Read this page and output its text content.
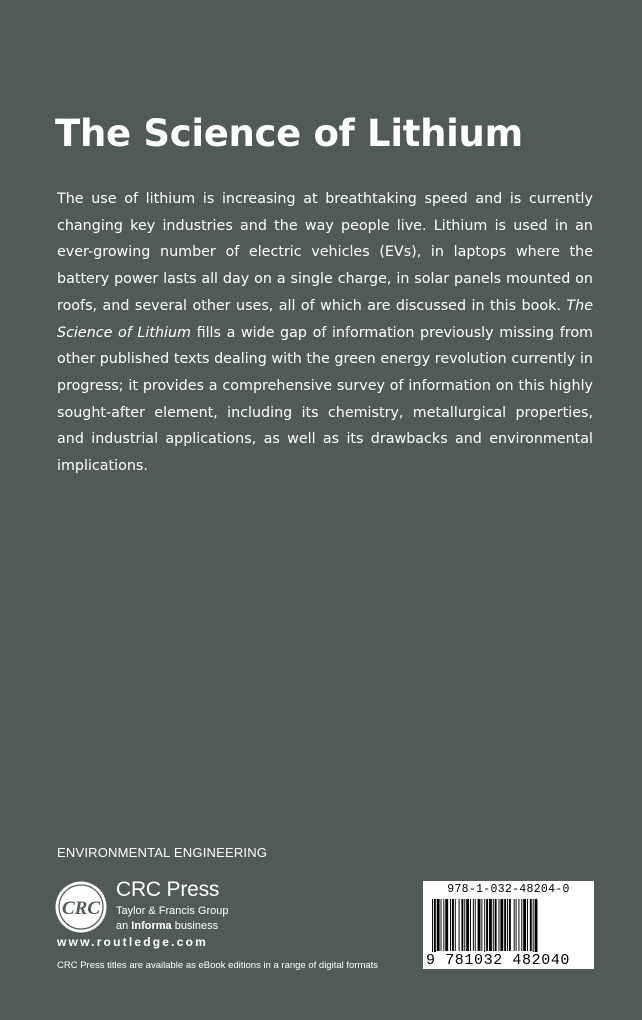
The Science of Lithium

The use of lithium is increasing at breathtaking speed and is currently changing key industries and the way people live. Lithium is used in an ever-growing number of electric vehicles (EVs), in laptops where the battery power lasts all day on a single charge, in solar panels mounted on roofs, and several other uses, all of which are discussed in this book. The Science of Lithium fills a wide gap of information previously missing from other published texts dealing with the green energy revolution currently in progress; it provides a comprehensive survey of information on this highly sought-after element, including its chemistry, metallurgical properties, and industrial applications, as well as its drawbacks and environmental implications.

ENVIRONMENTAL ENGINEERING
CRC
CRC Press
Taylor & Francis Group
an Informa business
www.routledge.com
CRC Press titles are available as eBook editions in a range of digital formats
978-1-032-48204-0
9 781032 482040
